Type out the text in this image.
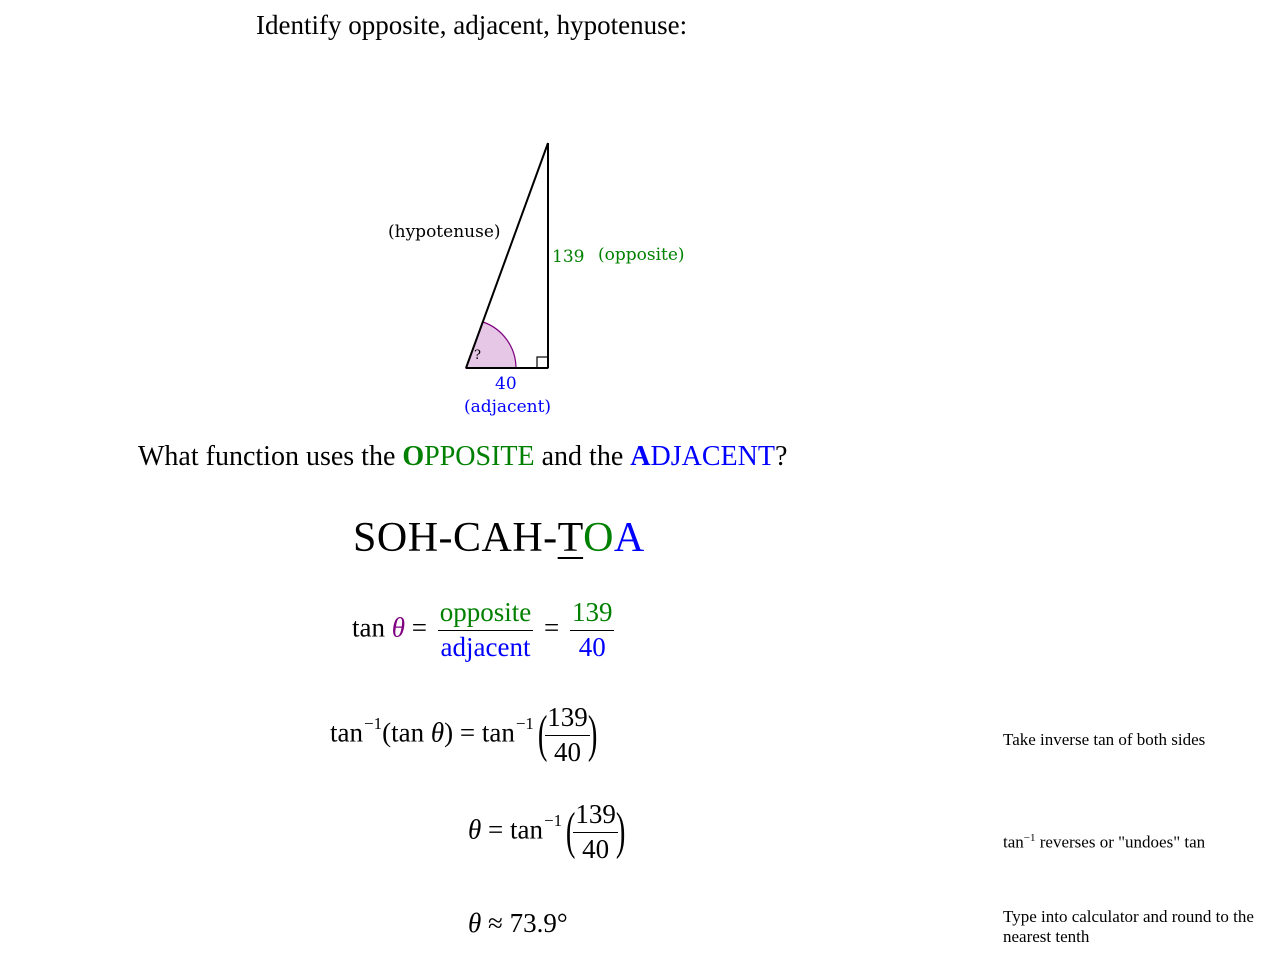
Identify opposite, adjacent, hypotenuse:
(hypotenuse)
139 (opposite)
40
(adjacent)
?
What function uses the OPPOSITE and the ADJACENT?
SOH-CAH-TOA
$\tan \theta = \frac{\text{opposite}}{\text{adjacent}} = \frac{139}{40}$
$\tan^{-1}(\tan$ $\theta) = \tan^{-1}$(
$\frac{139}{40}$
)
$\theta = \tan^{-1}$(
$\frac{139}{40}$
)
θ ≈ 73.9°
Take inverse tan of both sides
$\tan^{-1}$ reverses or "undoes" tan
Type into calculator and round to the nearest tenth
